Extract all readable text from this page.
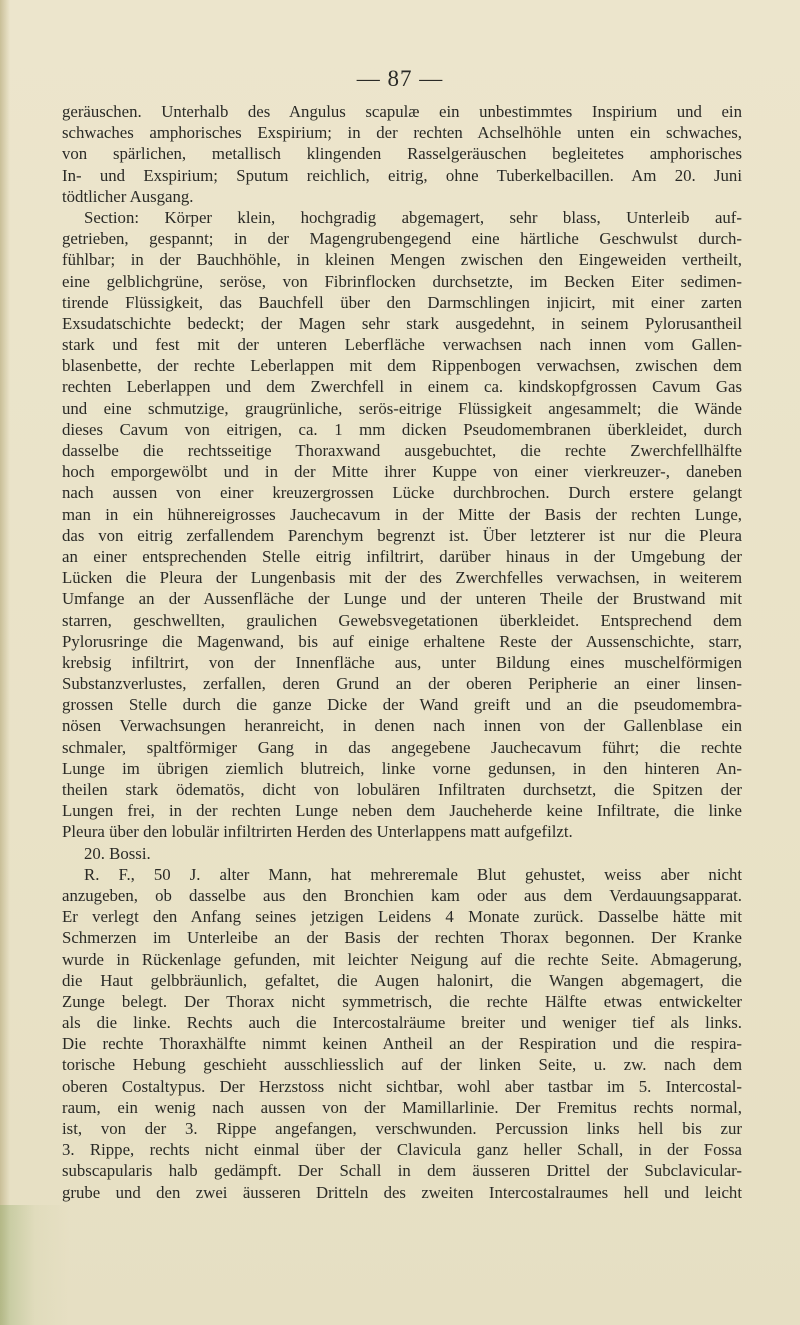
— 87 —
geräuschen. Unterhalb des Angulus scapulæ ein unbestimmtes Inspirium und ein
schwaches amphorisches Exspirium; in der rechten Achselhöhle unten ein schwaches,
von spärlichen, metallisch klingenden Rasselgeräuschen begleitetes amphorisches
In- und Exspirium; Sputum reichlich, eitrig, ohne Tuberkelbacillen. Am 20. Juni
tödtlicher Ausgang.
Section: Körper klein, hochgradig abgemagert, sehr blass, Unterleib auf-
getrieben, gespannt; in der Magengrubengegend eine härtliche Geschwulst durch-
fühlbar; in der Bauchhöhle, in kleinen Mengen zwischen den Eingeweiden vertheilt,
eine gelblichgrüne, seröse, von Fibrinflocken durchsetzte, im Becken Eiter sedimen-
tirende Flüssigkeit, das Bauchfell über den Darmschlingen injicirt, mit einer zarten
Exsudatschichte bedeckt; der Magen sehr stark ausgedehnt, in seinem Pylorusantheil
stark und fest mit der unteren Leberfläche verwachsen nach innen vom Gallen-
blasenbette, der rechte Leberlappen mit dem Rippenbogen verwachsen, zwischen dem
rechten Leberlappen und dem Zwerchfell in einem ca. kindskopfgrossen Cavum Gas
und eine schmutzige, graugrünliche, serös-eitrige Flüssigkeit angesammelt; die Wände
dieses Cavum von eitrigen, ca. 1 mm dicken Pseudomembranen überkleidet, durch
dasselbe die rechtsseitige Thoraxwand ausgebuchtet, die rechte Zwerchfellhälfte
hoch emporgewölbt und in der Mitte ihrer Kuppe von einer vierkreuzer-, daneben
nach aussen von einer kreuzergrossen Lücke durchbrochen. Durch erstere gelangt
man in ein hühnereigrosses Jauchecavum in der Mitte der Basis der rechten Lunge,
das von eitrig zerfallendem Parenchym begrenzt ist. Über letzterer ist nur die Pleura
an einer entsprechenden Stelle eitrig infiltrirt, darüber hinaus in der Umgebung der
Lücken die Pleura der Lungenbasis mit der des Zwerchfelles verwachsen, in weiterem
Umfange an der Aussenfläche der Lunge und der unteren Theile der Brustwand mit
starren, geschwellten, graulichen Gewebsvegetationen überkleidet. Entsprechend dem
Pylorusringe die Magenwand, bis auf einige erhaltene Reste der Aussenschichte, starr,
krebsig infiltrirt, von der Innenfläche aus, unter Bildung eines muschelförmigen
Substanzverlustes, zerfallen, deren Grund an der oberen Peripherie an einer linsen-
grossen Stelle durch die ganze Dicke der Wand greift und an die pseudomembra-
nösen Verwachsungen heranreicht, in denen nach innen von der Gallenblase ein
schmaler, spaltförmiger Gang in das angegebene Jauchecavum führt; die rechte
Lunge im übrigen ziemlich blutreich, linke vorne gedunsen, in den hinteren An-
theilen stark ödematös, dicht von lobulären Infiltraten durchsetzt, die Spitzen der
Lungen frei, in der rechten Lunge neben dem Jaucheherde keine Infiltrate, die linke
Pleura über den lobulär infiltrirten Herden des Unterlappens matt aufgefilzt.
20. Bossi.
R. F., 50 J. alter Mann, hat mehreremale Blut gehustet, weiss aber nicht
anzugeben, ob dasselbe aus den Bronchien kam oder aus dem Verdauungsapparat.
Er verlegt den Anfang seines jetzigen Leidens 4 Monate zurück. Dasselbe hätte mit
Schmerzen im Unterleibe an der Basis der rechten Thorax begonnen. Der Kranke
wurde in Rückenlage gefunden, mit leichter Neigung auf die rechte Seite. Abmagerung,
die Haut gelbbräunlich, gefaltet, die Augen halonirt, die Wangen abgemagert, die
Zunge belegt. Der Thorax nicht symmetrisch, die rechte Hälfte etwas entwickelter
als die linke. Rechts auch die Intercostalräume breiter und weniger tief als links.
Die rechte Thoraxhälfte nimmt keinen Antheil an der Respiration und die respira-
torische Hebung geschieht ausschliesslich auf der linken Seite, u. zw. nach dem
oberen Costaltypus. Der Herzstoss nicht sichtbar, wohl aber tastbar im 5. Intercostal-
raum, ein wenig nach aussen von der Mamillarlinie. Der Fremitus rechts normal,
ist, von der 3. Rippe angefangen, verschwunden. Percussion links hell bis zur
3. Rippe, rechts nicht einmal über der Clavicula ganz heller Schall, in der Fossa
subscapularis halb gedämpft. Der Schall in dem äusseren Drittel der Subclavicular-
grube und den zwei äusseren Dritteln des zweiten Intercostalraumes hell und leicht
